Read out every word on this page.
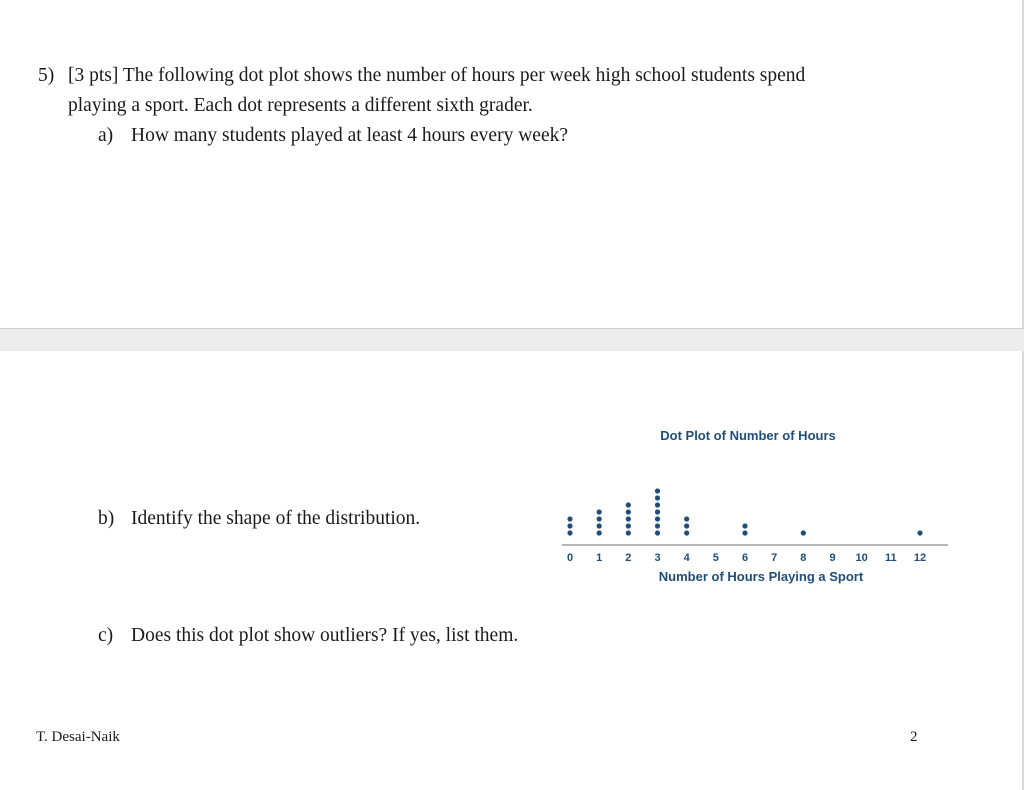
5) [3 pts] The following dot plot shows the number of hours per week high school students spend
playing a sport. Each dot represents a different sixth grader.
a) How many students played at least 4 hours every week?
b) Identify the shape of the distribution.
c) Does this dot plot show outliers? If yes, list them.
Dot Plot of Number of Hours
0 1 2 3 4 5 6 7 8 9 10 11 12
Number of Hours Playing a Sport
T. Desai-Naik	2
